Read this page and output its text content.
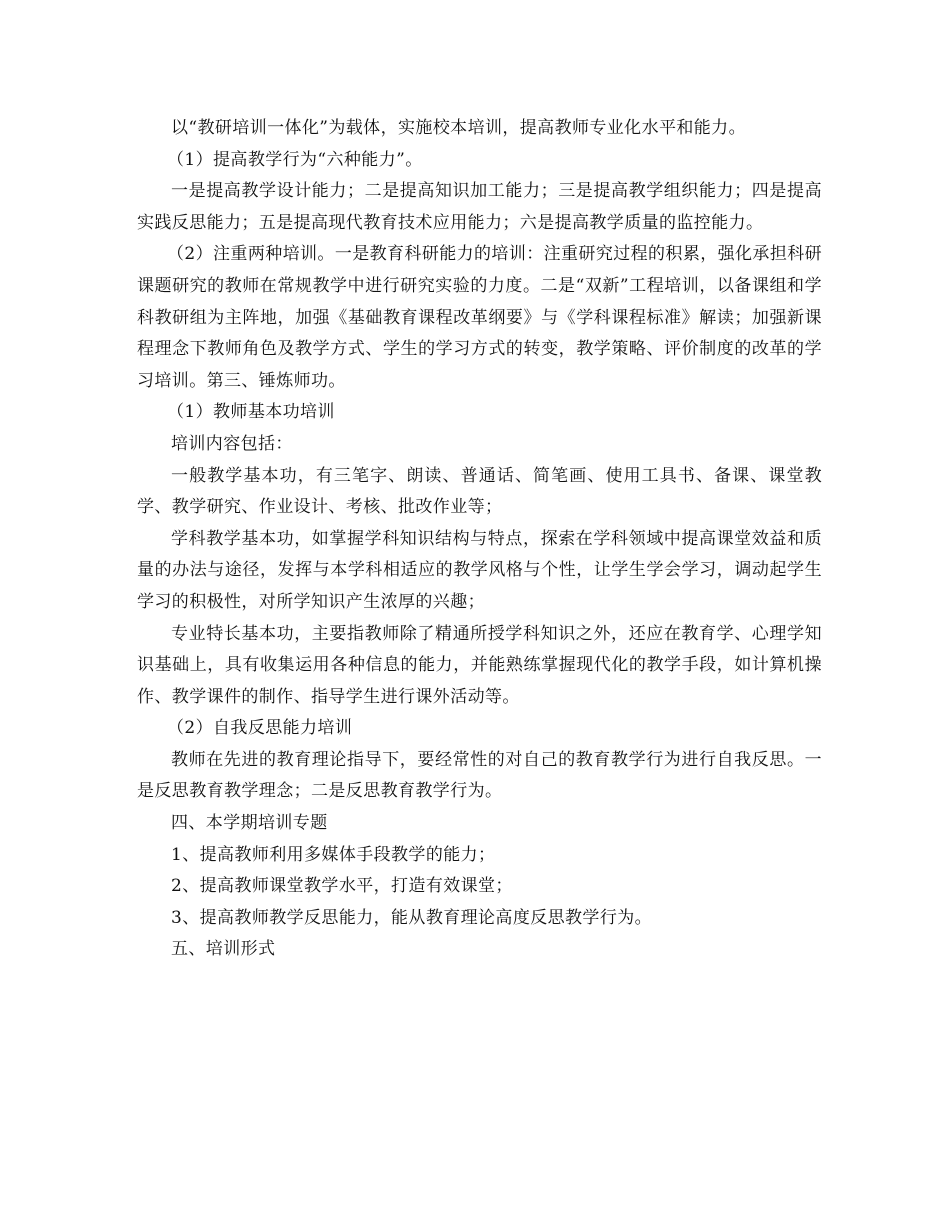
以“教研培训一体化”为载体，实施校本培训，提高教师专业化水平和能力。

（1）提高教学行为“六种能力”。

一是提高教学设计能力；二是提高知识加工能力；三是提高教学组织能力；四是提高实践反思能力；五是提高现代教育技术应用能力；六是提高教学质量的监控能力。

（2）注重两种培训。一是教育科研能力的培训：注重研究过程的积累，强化承担科研课题研究的教师在常规教学中进行研究实验的力度。二是“双新”工程培训，以备课组和学科教研组为主阵地，加强《基础教育课程改革纲要》与《学科课程标准》解读；加强新课程理念下教师角色及教学方式、学生的学习方式的转变，教学策略、评价制度的改革的学习培训。第三、锤炼师功。

（1）教师基本功培训

培训内容包括：

一般教学基本功，有三笔字、朗读、普通话、简笔画、使用工具书、备课、课堂教学、教学研究、作业设计、考核、批改作业等；

学科教学基本功，如掌握学科知识结构与特点，探索在学科领域中提高课堂效益和质量的办法与途径，发挥与本学科相适应的教学风格与个性，让学生学会学习，调动起学生学习的积极性，对所学知识产生浓厚的兴趣；

专业特长基本功，主要指教师除了精通所授学科知识之外，还应在教育学、心理学知识基础上，具有收集运用各种信息的能力，并能熟练掌握现代化的教学手段，如计算机操作、教学课件的制作、指导学生进行课外活动等。

（2）自我反思能力培训

教师在先进的教育理论指导下，要经常性的对自己的教育教学行为进行自我反思。一是反思教育教学理念；二是反思教育教学行为。

四、本学期培训专题

1、提高教师利用多媒体手段教学的能力；

2、提高教师课堂教学水平，打造有效课堂；

3、提高教师教学反思能力，能从教育理论高度反思教学行为。

五、培训形式
